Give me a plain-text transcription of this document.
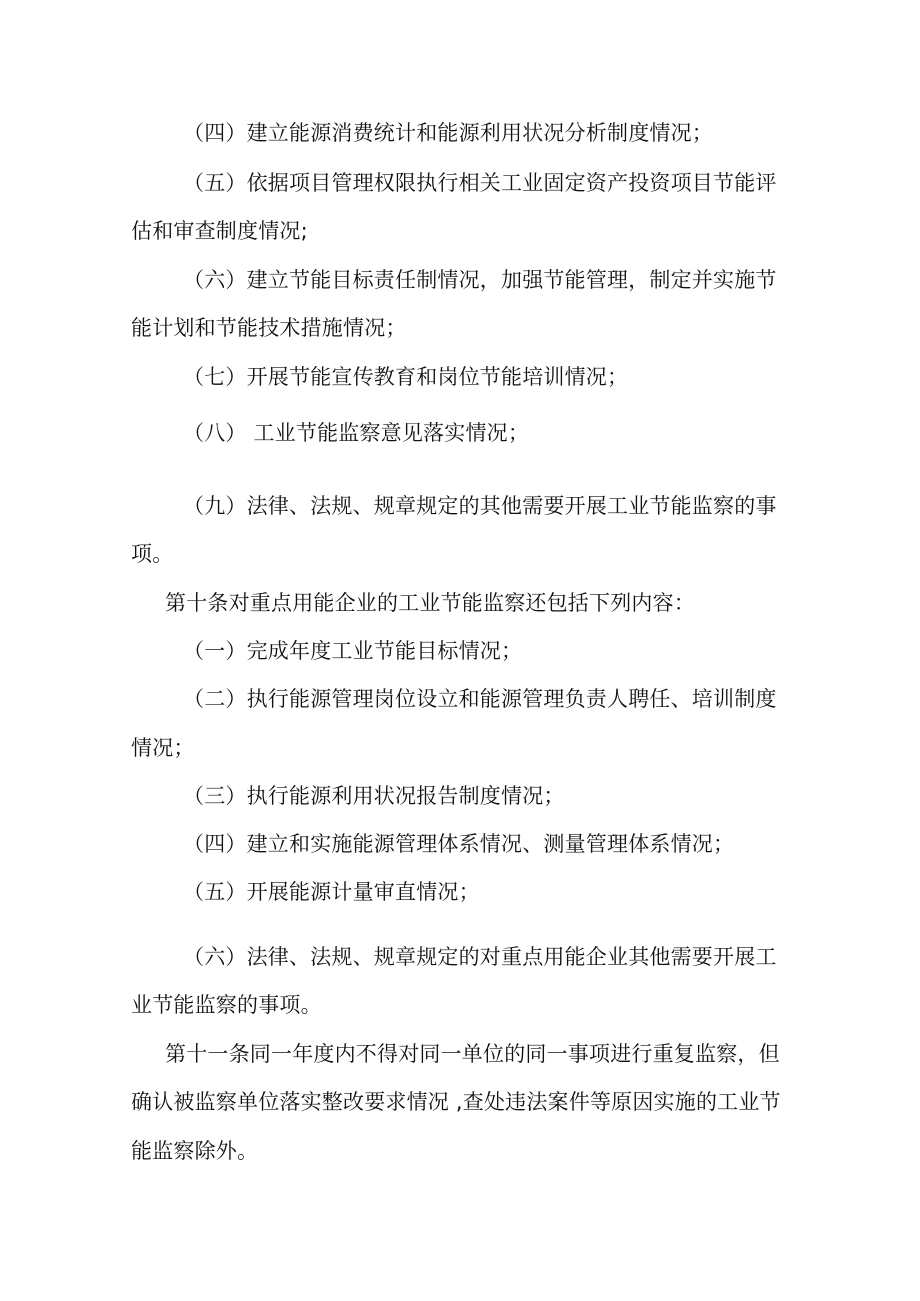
（四）建立能源消费统计和能源利用状况分析制度情况；
（五）依据项目管理权限执行相关工业固定资产投资项目节能评
估和审查制度情况;
（六）建立节能目标责任制情况，加强节能管理，制定并实施节
能计划和节能技术措施情况；
（七）开展节能宣传教育和岗位节能培训情况；
（八） 工业节能监察意见落实情况；
（九）法律、法规、规章规定的其他需要开展工业节能监察的事
项。
第十条对重点用能企业的工业节能监察还包括下列内容：
（一）完成年度工业节能目标情况；
（二）执行能源管理岗位设立和能源管理负责人聘任、培训制度
情况；
（三）执行能源利用状况报告制度情况；
（四）建立和实施能源管理体系情况、测量管理体系情况；
（五）开展能源计量审直情况；
（六）法律、法规、规章规定的对重点用能企业其他需要开展工
业节能监察的事项。
第十一条同一年度内不得对同一单位的同一事项进行重复监察，但
确认被监察单位落实整改要求情况 ,查处违法案件等原因实施的工业节
能监察除外。
